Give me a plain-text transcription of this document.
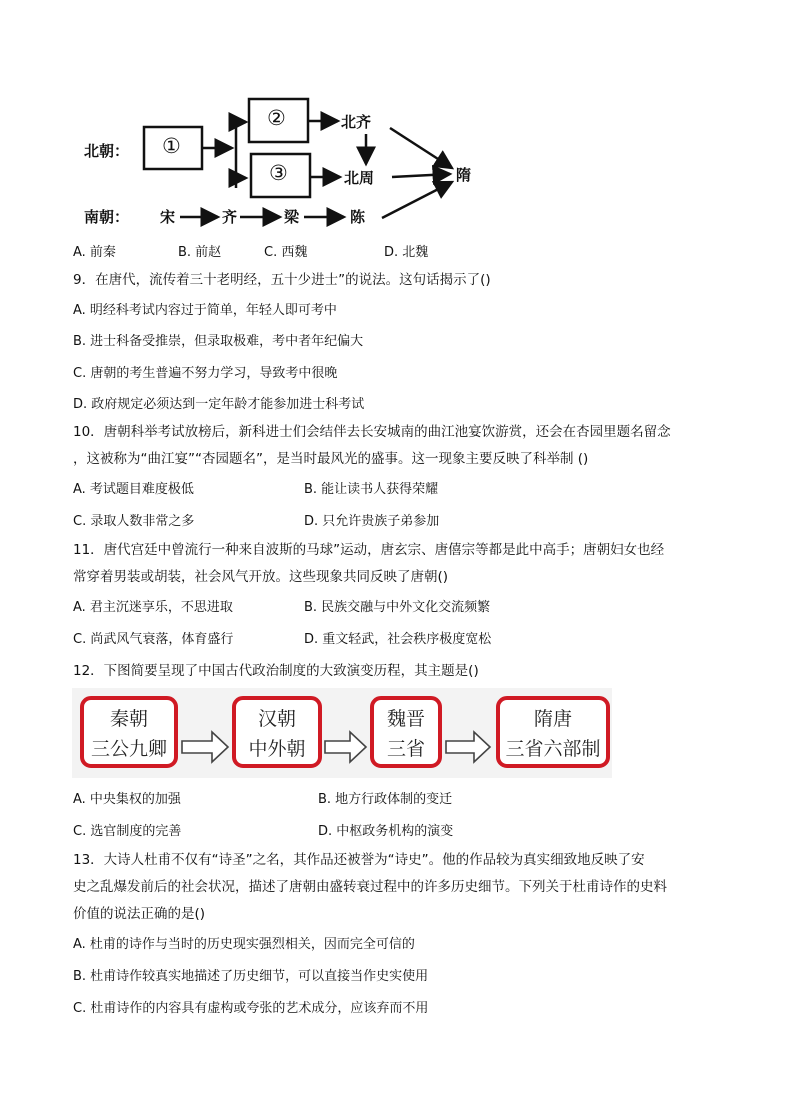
北朝：
南朝：
①
②
③
北齐
北周	隋
宋	齐	梁	陈
A. 前秦	B. 前赵	C. 西魏	D. 北魏
9．在唐代，流传着三十老明经，五十少进士”的说法。这句话揭示了()
A. 明经科考试内容过于简单，年轻人即可考中
B. 进士科备受推崇，但录取极难，考中者年纪偏大
C. 唐朝的考生普遍不努力学习，导致考中很晚
D. 政府规定必须达到一定年龄才能参加进士科考试
10．唐朝科举考试放榜后，新科进士们会结伴去长安城南的曲江池宴饮游赏，还会在杏园里题名留念
，这被称为“曲江宴”“杏园题名”，是当时最风光的盛事。这一现象主要反映了科举制 ()
A. 考试题目难度极低	B. 能让读书人获得荣耀
C. 录取人数非常之多	D. 只允许贵族子弟参加
11．唐代宫廷中曾流行一种来自波斯的马球”运动，唐玄宗、唐僖宗等都是此中高手；唐朝妇女也经
常穿着男装或胡装，社会风气开放。这些现象共同反映了唐朝()
A. 君主沉迷享乐，不思进取	B. 民族交融与中外文化交流频繁
C. 尚武风气衰落，体育盛行	D. 重文轻武，社会秩序极度宽松
12．下图简要呈现了中国古代政治制度的大致演变历程，其主题是()
秦朝
三公九卿
汉朝
中外朝
魏晋
三省
隋唐
三省六部制
A. 中央集权的加强	B. 地方行政体制的变迁
C. 选官制度的完善	D. 中枢政务机构的演变
13．大诗人杜甫不仅有“诗圣”之名，其作品还被誉为“诗史”。他的作品较为真实细致地反映了安
史之乱爆发前后的社会状况，描述了唐朝由盛转衰过程中的许多历史细节。下列关于杜甫诗作的史料
价值的说法正确的是()
A. 杜甫的诗作与当时的历史现实强烈相关，因而完全可信的
B. 杜甫诗作较真实地描述了历史细节，可以直接当作史实使用
C. 杜甫诗作的内容具有虚构或夸张的艺术成分，应该弃而不用
